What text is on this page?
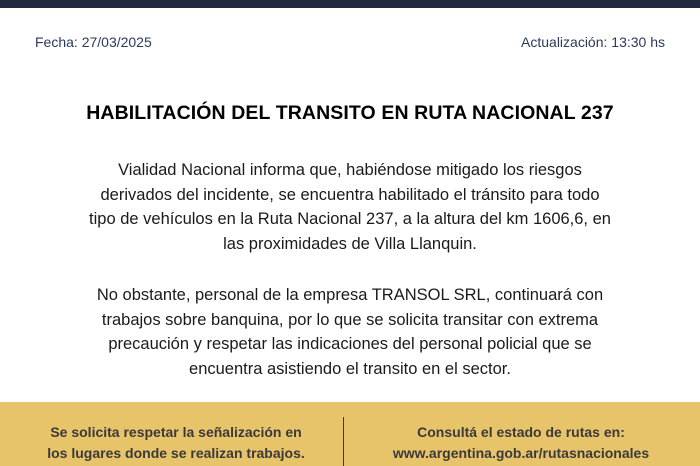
Fecha: 27/03/2025	Actualización: 13:30 hs
HABILITACIÓN DEL TRANSITO EN RUTA NACIONAL 237
Vialidad Nacional informa que, habiéndose mitigado los riesgos
derivados del incidente, se encuentra habilitado el tránsito para todo
tipo de vehículos en la Ruta Nacional 237, a la altura del km 1606,6, en
las proximidades de Villa Llanquin.
No obstante, personal de la empresa TRANSOL SRL, continuará con
trabajos sobre banquina, por lo que se solicita transitar con extrema
precaución y respetar las indicaciones del personal policial que se
encuentra asistiendo el transito en el sector.
Se solicita respetar la señalización en
los lugares donde se realizan trabajos.
Consultá el estado de rutas en:
www.argentina.gob.ar/rutasnacionales
